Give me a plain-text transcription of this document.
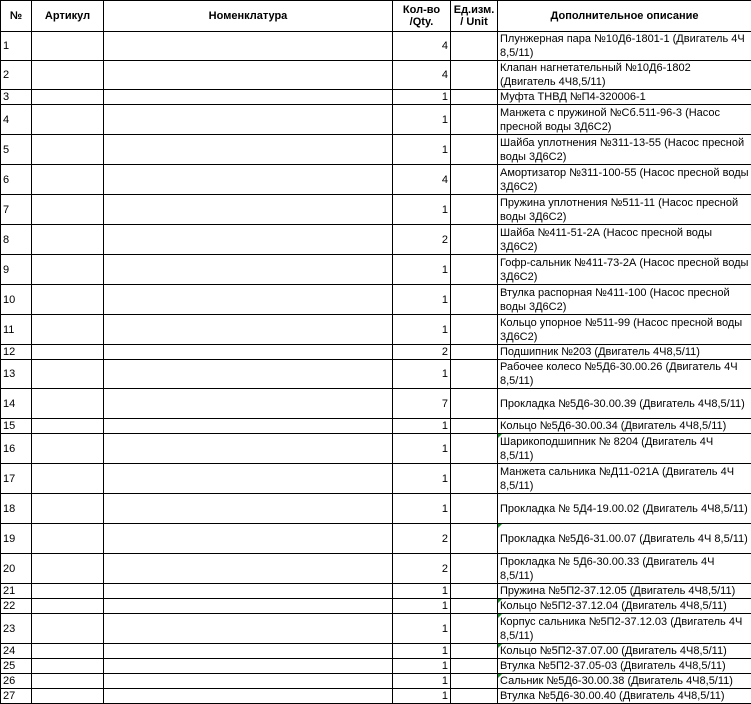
№	Артикул	Номенклатура	Кол-во /Qty.	Ед.изм. / Unit	Дополнительное описание
1			4		Плунжерная пара №10Д6-1801-1 (Двигатель 4Ч 8,5/11)
2			4		Клапан нагнетательный №10Д6-1802 (Двигатель 4Ч8,5/11)
3			1		Муфта ТНВД №П4-320006-1
4			1		Манжета с пружиной №Сб.511-96-3 (Насос пресной воды 3Д6С2)
5			1		Шайба уплотнения №311-13-55 (Насос пресной воды 3Д6С2)
6			4		Амортизатор №311-100-55 (Насос пресной воды 3Д6С2)
7			1		Пружина уплотнения №511-11 (Насос пресной воды 3Д6С2)
8			2		Шайба №411-51-2А (Насос пресной воды 3Д6С2)
9			1		Гофр-сальник №411-73-2А (Насос пресной воды 3Д6С2)
10			1		Втулка распорная №411-100 (Насос пресной воды 3Д6С2)
11			1		Кольцо упорное №511-99 (Насос пресной воды 3Д6С2)
12			2		Подшипник №203 (Двигатель 4Ч8,5/11)
13			1		Рабочее колесо №5Д6-30.00.26 (Двигатель 4Ч 8,5/11)
14			7		Прокладка №5Д6-30.00.39 (Двигатель 4Ч8,5/11)
15			1		Кольцо №5Д6-30.00.34 (Двигатель 4Ч8,5/11)
16			1		Шарикоподшипник № 8204 (Двигатель 4Ч 8,5/11)
17			1		Манжета сальника №Д11-021А (Двигатель 4Ч 8,5/11)
18			1		Прокладка № 5Д4-19.00.02 (Двигатель 4Ч8,5/11)
19			2		Прокладка №5Д6-31.00.07 (Двигатель 4Ч 8,5/11)
20			2		Прокладка № 5Д6-30.00.33 (Двигатель 4Ч 8,5/11)
21			1		Пружина №5П2-37.12.05 (Двигатель 4Ч8,5/11)
22			1		Кольцо №5П2-37.12.04 (Двигатель 4Ч8,5/11)
23			1		Корпус сальника №5П2-37.12.03 (Двигатель 4Ч 8,5/11)
24			1		Кольцо №5П2-37.07.00 (Двигатель 4Ч8,5/11)
25			1		Втулка №5П2-37.05-03 (Двигатель 4Ч8,5/11)
26			1		Сальник №5Д6-30.00.38 (Двигатель 4Ч8,5/11)
27			1		Втулка №5Д6-30.00.40 (Двигатель 4Ч8,5/11)
